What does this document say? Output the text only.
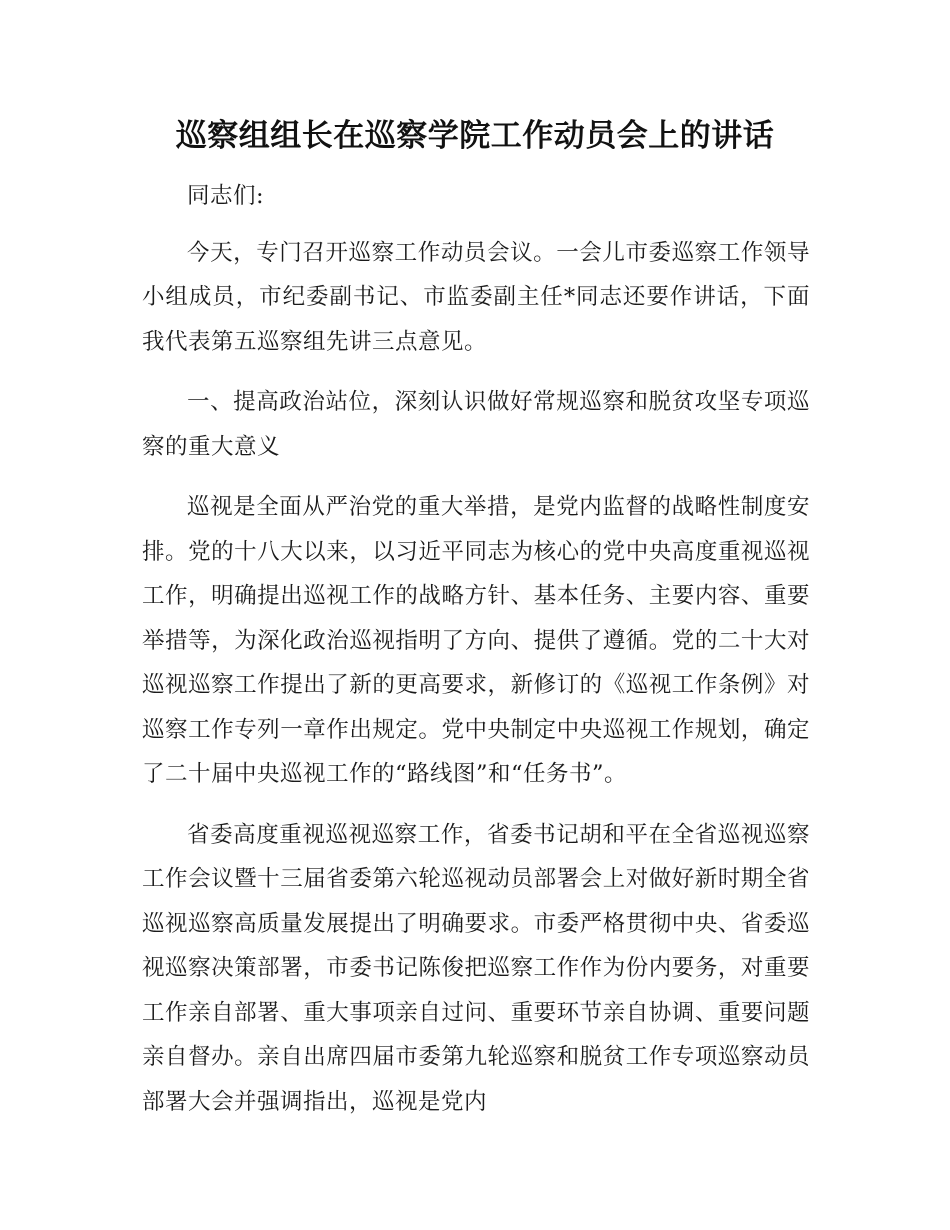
巡察组组长在巡察学院工作动员会上的讲话

同志们:

今天，专门召开巡察工作动员会议。一会儿市委巡察工作领导小组成员，市纪委副书记、市监委副主任*同志还要作讲话，下面我代表第五巡察组先讲三点意见。

一、提高政治站位，深刻认识做好常规巡察和脱贫攻坚专项巡察的重大意义

巡视是全面从严治党的重大举措，是党内监督的战略性制度安排。党的十八大以来，以习近平同志为核心的党中央高度重视巡视工作，明确提出巡视工作的战略方针、基本任务、主要内容、重要举措等，为深化政治巡视指明了方向、提供了遵循。党的二十大对巡视巡察工作提出了新的更高要求，新修订的《巡视工作条例》对巡察工作专列一章作出规定。党中央制定中央巡视工作规划，确定了二十届中央巡视工作的“路线图”和“任务书”。

省委高度重视巡视巡察工作，省委书记胡和平在全省巡视巡察工作会议暨十三届省委第六轮巡视动员部署会上对做好新时期全省巡视巡察高质量发展提出了明确要求。市委严格贯彻中央、省委巡视巡察决策部署，市委书记陈俊把巡察工作作为份内要务，对重要工作亲自部署、重大事项亲自过问、重要环节亲自协调、重要问题亲自督办。亲自出席四届市委第九轮巡察和脱贫工作专项巡察动员部署大会并强调指出，巡视是党内
